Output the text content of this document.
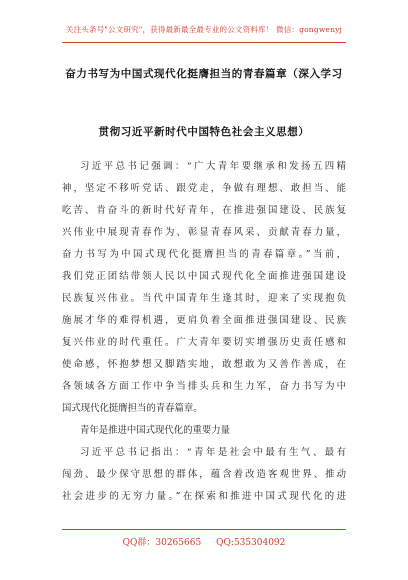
关注头条号"公文研究"，获得最新最全最专业的公文资料库！ 微信：gongwenyj
奋力书写为中国式现代化挺膺担当的青春篇章（深入学习
贯彻习近平新时代中国特色社会主义思想）
习近平总书记强调：“广大青年要继承和发扬五四精
神，坚定不移听党话、跟党走，争做有理想、敢担当、能
吃苦、肯奋斗的新时代好青年，在推进强国建设、民族复
兴伟业中展现青春作为、彰显青春风采、贡献青春力量，
奋力书写为中国式现代化挺膺担当的青春篇章。”当前，
我们党正团结带领人民以中国式现代化全面推进强国建设
民族复兴伟业。当代中国青年生逢其时，迎来了实现抱负
施展才华的难得机遇，更肩负着全面推进强国建设、民族
复兴伟业的时代重任。广大青年要切实增强历史责任感和
使命感，怀抱梦想又脚踏实地，敢想敢为又善作善成，在
各领域各方面工作中争当排头兵和生力军，奋力书写为中
国式现代化挺膺担当的青春篇章。
青年是推进中国式现代化的重要力量
习近平总书记指出：“青年是社会中最有生气、最有
闯劲、最少保守思想的群体，蕴含着改造客观世界、推动
社会进步的无穷力量。”在探索和推进中国式现代化的进
QQ群：30265665 QQ:535304092
